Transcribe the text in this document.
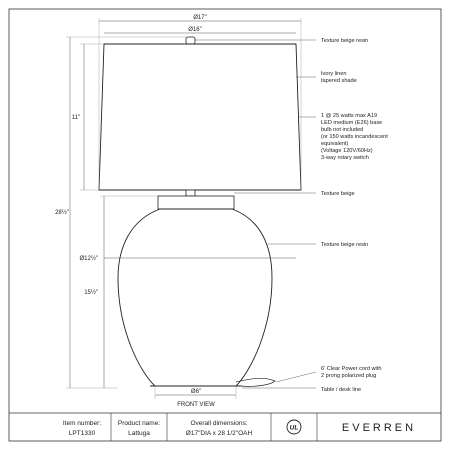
Ø17"
Ø16"
11"
28½"
Ø12½"
15½"
Ø6"
FRONT VIEW
Texture beige resin
Ivory linen tapered shade
1 @ 25 watts max A19 LED medium (E26) base bulb not included (or 150 watts incandescent equivalent) (Voltage 120V/60Hz) 3-way rotary switch
Texture beige
Texture beige resin
6' Clear Power cord with 2 prong polarized plug
Table / desk line
Item number:
LPT1330
Product name:
Lattuga
Overall dimensions:
Ø17"DIA x 28 1/2"OAH
UL	EVERREN
